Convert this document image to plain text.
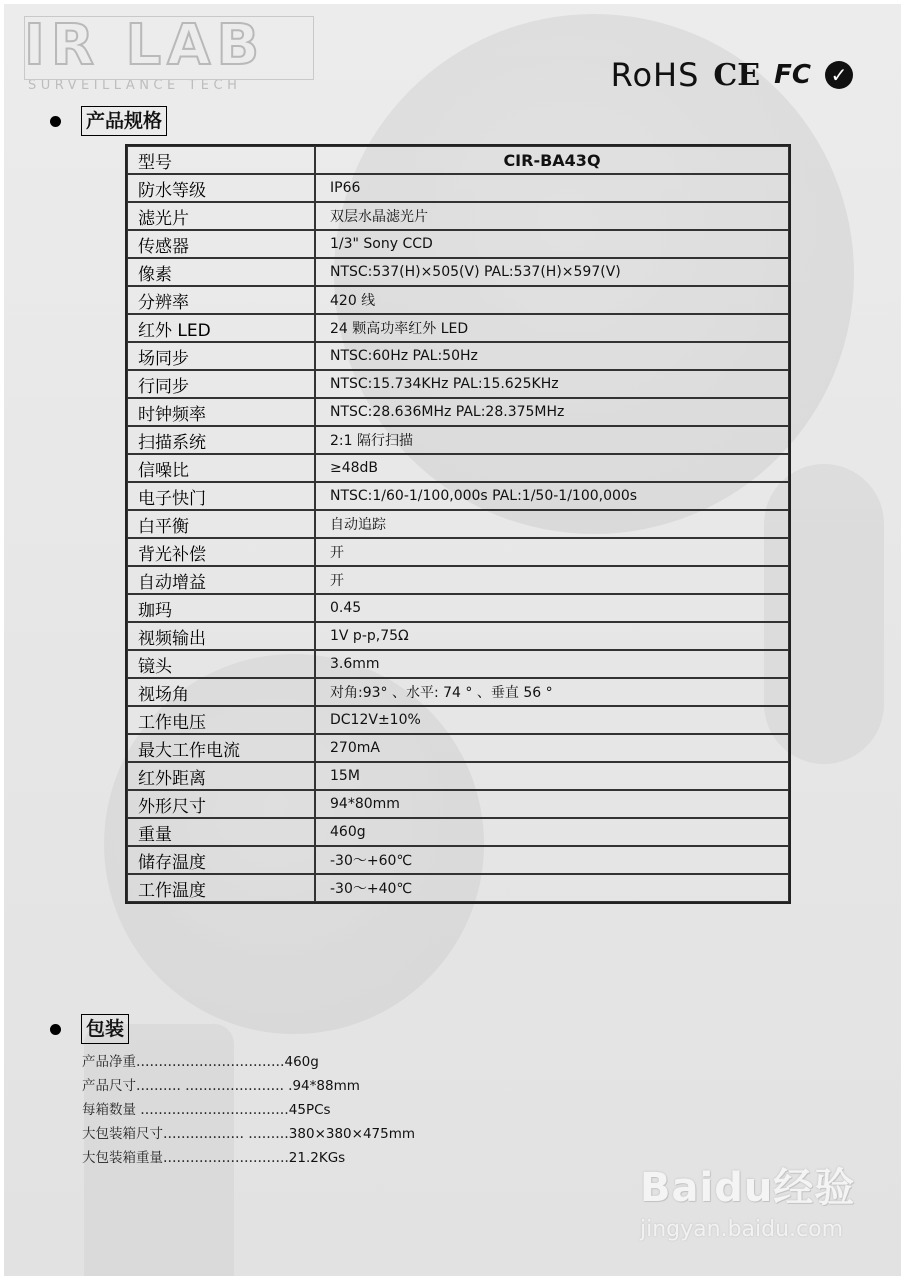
IR LAB
SURVEILLANCE TECH	RoHS CE FC ✓
产品规格
型号	CIR-BA43Q
防水等级	IP66
滤光片	双层水晶滤光片
传感器	1/3" Sony CCD
像素	NTSC:537(H)×505(V) PAL:537(H)×597(V)
分辨率	420 线
红外 LED	24 颗高功率红外 LED
场同步	NTSC:60Hz PAL:50Hz
行同步	NTSC:15.734KHz PAL:15.625KHz
时钟频率	NTSC:28.636MHz PAL:28.375MHz
扫描系统	2:1 隔行扫描
信噪比	≥48dB
电子快门	NTSC:1/60-1/100,000s PAL:1/50-1/100,000s
白平衡	自动追踪
背光补偿	开
自动增益	开
珈玛	0.45
视频输出	1V p-p,75Ω
镜头	3.6mm
视场角	对角:93° 、水平: 74 ° 、垂直 56 °
工作电压	DC12V±10%
最大工作电流	270mA
红外距离	15M
外形尺寸	94*80mm
重量	460g
储存温度	-30～+60℃
工作温度	-30～+40℃
包装
产品净重……………………………460g
产品尺寸………. …………………. .94*88mm
每箱数量 ……………………………45PCs
大包装箱尺寸……………… ………380×380×475mm
大包装箱重量……………………….21.2KGs
Baidu经验
jingyan.baidu.com
